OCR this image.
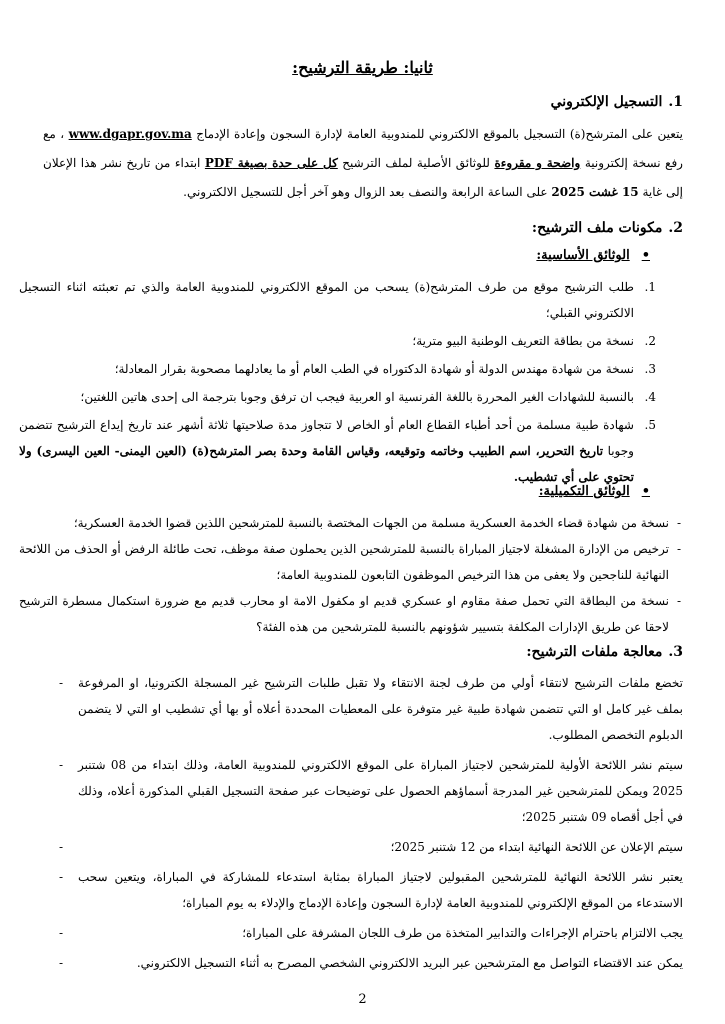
ثانيا: طريقة الترشيح:
1.التسجيل الإلكتروني

يتعين على المترشح(ة) التسجيل بالموقع الالكتروني للمندوبية العامة لإدارة السجون وإعادة الإدماج www.dgapr.gov.ma ، مع رفع نسخة إلكترونية واضحة و مقروءة للوثائق الأصلية لملف الترشيح كل على حدة بصيغة PDF ابتداء من تاريخ نشر هذا الإعلان إلى غاية 15 غشت 2025 على الساعة الرابعة والنصف بعد الزوال وهو آخر أجل للتسجيل الالكتروني.

2.مكونات ملف الترشيح:
•الوثائق الأساسية:
1.
طلب الترشيح موقع من طرف المترشح(ة) يسحب من الموقع الالكتروني للمندوبية العامة والذي تم تعبئته اثناء التسجيل الالكتروني القبلي؛
2.
نسخة من بطاقة التعريف الوطنية البيو مترية؛
3.
نسخة من شهادة مهندس الدولة أو شهادة الدكتوراه في الطب العام أو ما يعادلهما مصحوبة بقرار المعادلة؛
4.
بالنسبة للشهادات الغير المحررة باللغة الفرنسية او العربية فيجب ان ترفق وجوبا بترجمة الى إحدى هاتين اللغتين؛
5.
شهادة طبية مسلمة من أحد أطباء القطاع العام أو الخاص لا تتجاوز مدة صلاحيتها ثلاثة أشهر عند تاريخ إيداع الترشيح تتضمن وجوبا تاريخ التحرير، اسم الطبيب وخاتمه وتوقيعه، وقياس القامة وحدة بصر المترشح(ة) (العين اليمنى- العين اليسرى) ولا تحتوي على أي تشطيب.
•الوثائق التكميلية:
-
نسخة من شهادة قضاء الخدمة العسكرية مسلمة من الجهات المختصة بالنسبة للمترشحين اللذين قضوا الخدمة العسكرية؛
-
ترخيص من الإدارة المشغلة لاجتياز المباراة بالنسبة للمترشحين الذين يحملون صفة موظف، تحت طائلة الرفض أو الحذف من اللائحة النهائية للناجحين ولا يعفى من هذا الترخيص الموظفون التابعون للمندوبية العامة؛
-
نسخة من البطاقة التي تحمل صفة مقاوم او عسكري قديم او مكفول الامة او محارب قديم مع ضرورة استكمال مسطرة الترشيح لاحقا عن طريق الإدارات المكلفة بتسيير شؤونهم بالنسبة للمترشحين من هذه الفئة؟
3.معالجة ملفات الترشيح:
- تخضع ملفات الترشيح لانتقاء أولي من طرف لجنة الانتقاء ولا تقبل طلبات الترشيح غير المسجلة الكترونيا، او المرفوعة بملف غير كامل او التي تتضمن شهادة طبية غير متوفرة على المعطيات المحددة أعلاه أو بها أي تشطيب او التي لا يتضمن الدبلوم التخصص المطلوب.
- سيتم نشر اللائحة الأولية للمترشحين لاجتياز المباراة على الموقع الالكتروني للمندوبية العامة، وذلك ابتداء من 08 شتنبر 2025 ويمكن للمترشحين غير المدرجة أسماؤهم الحصول على توضيحات عبر صفحة التسجيل القبلي المذكورة أعلاه، وذلك في أجل أقصاه 09 شتنبر 2025؛
-	سيتم الإعلان عن اللائحة النهائية ابتداء من 12 شتنبر 2025؛
- يعتبر نشر اللائحة النهائية للمترشحين المقبولين لاجتياز المباراة بمثابة استدعاء للمشاركة في المباراة، ويتعين سحب الاستدعاء من الموقع الإلكتروني للمندوبية العامة لإدارة السجون وإعادة الإدماج والإدلاء به يوم المباراة؛
-	يجب الالتزام باحترام الإجراءات والتدابير المتخذة من طرف اللجان المشرفة على المباراة؛
-	يمكن عند الاقتضاء التواصل مع المترشحين عبر البريد الالكتروني الشخصي المصرح به أثناء التسجيل الالكتروني.
2
